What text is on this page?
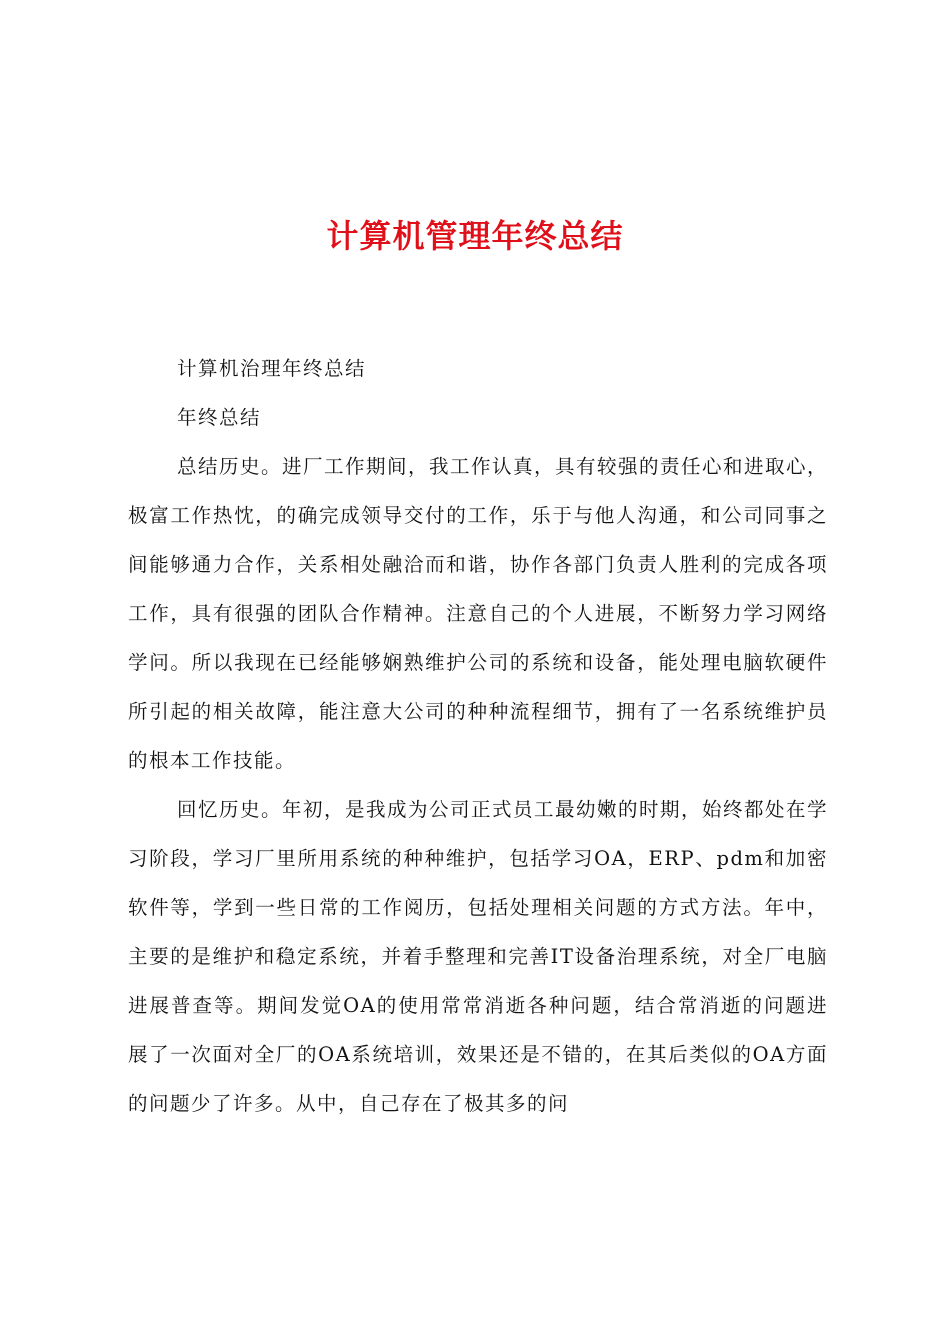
计算机管理年终总结

计算机治理年终总结

年终总结

总结历史。进厂工作期间，我工作认真，具有较强的责任心和进取心，极富工作热忱，的确完成领导交付的工作，乐于与他人沟通，和公司同事之间能够通力合作，关系相处融洽而和谐，协作各部门负责人胜利的完成各项工作，具有很强的团队合作精神。注意自己的个人进展，不断努力学习网络学问。所以我现在已经能够娴熟维护公司的系统和设备，能处理电脑软硬件所引起的相关故障，能注意大公司的种种流程细节，拥有了一名系统维护员的根本工作技能。

回忆历史。年初，是我成为公司正式员工最幼嫩的时期，始终都处在学习阶段，学习厂里所用系统的种种维护，包括学习OA，ERP、pdm和加密软件等，学到一些日常的工作阅历，包括处理相关问题的方式方法。年中，主要的是维护和稳定系统，并着手整理和完善IT设备治理系统，对全厂电脑进展普查等。期间发觉OA的使用常常消逝各种问题，结合常消逝的问题进展了一次面对全厂的OA系统培训，效果还是不错的，在其后类似的OA方面的问题少了许多。从中，自己存在了极其多的问
